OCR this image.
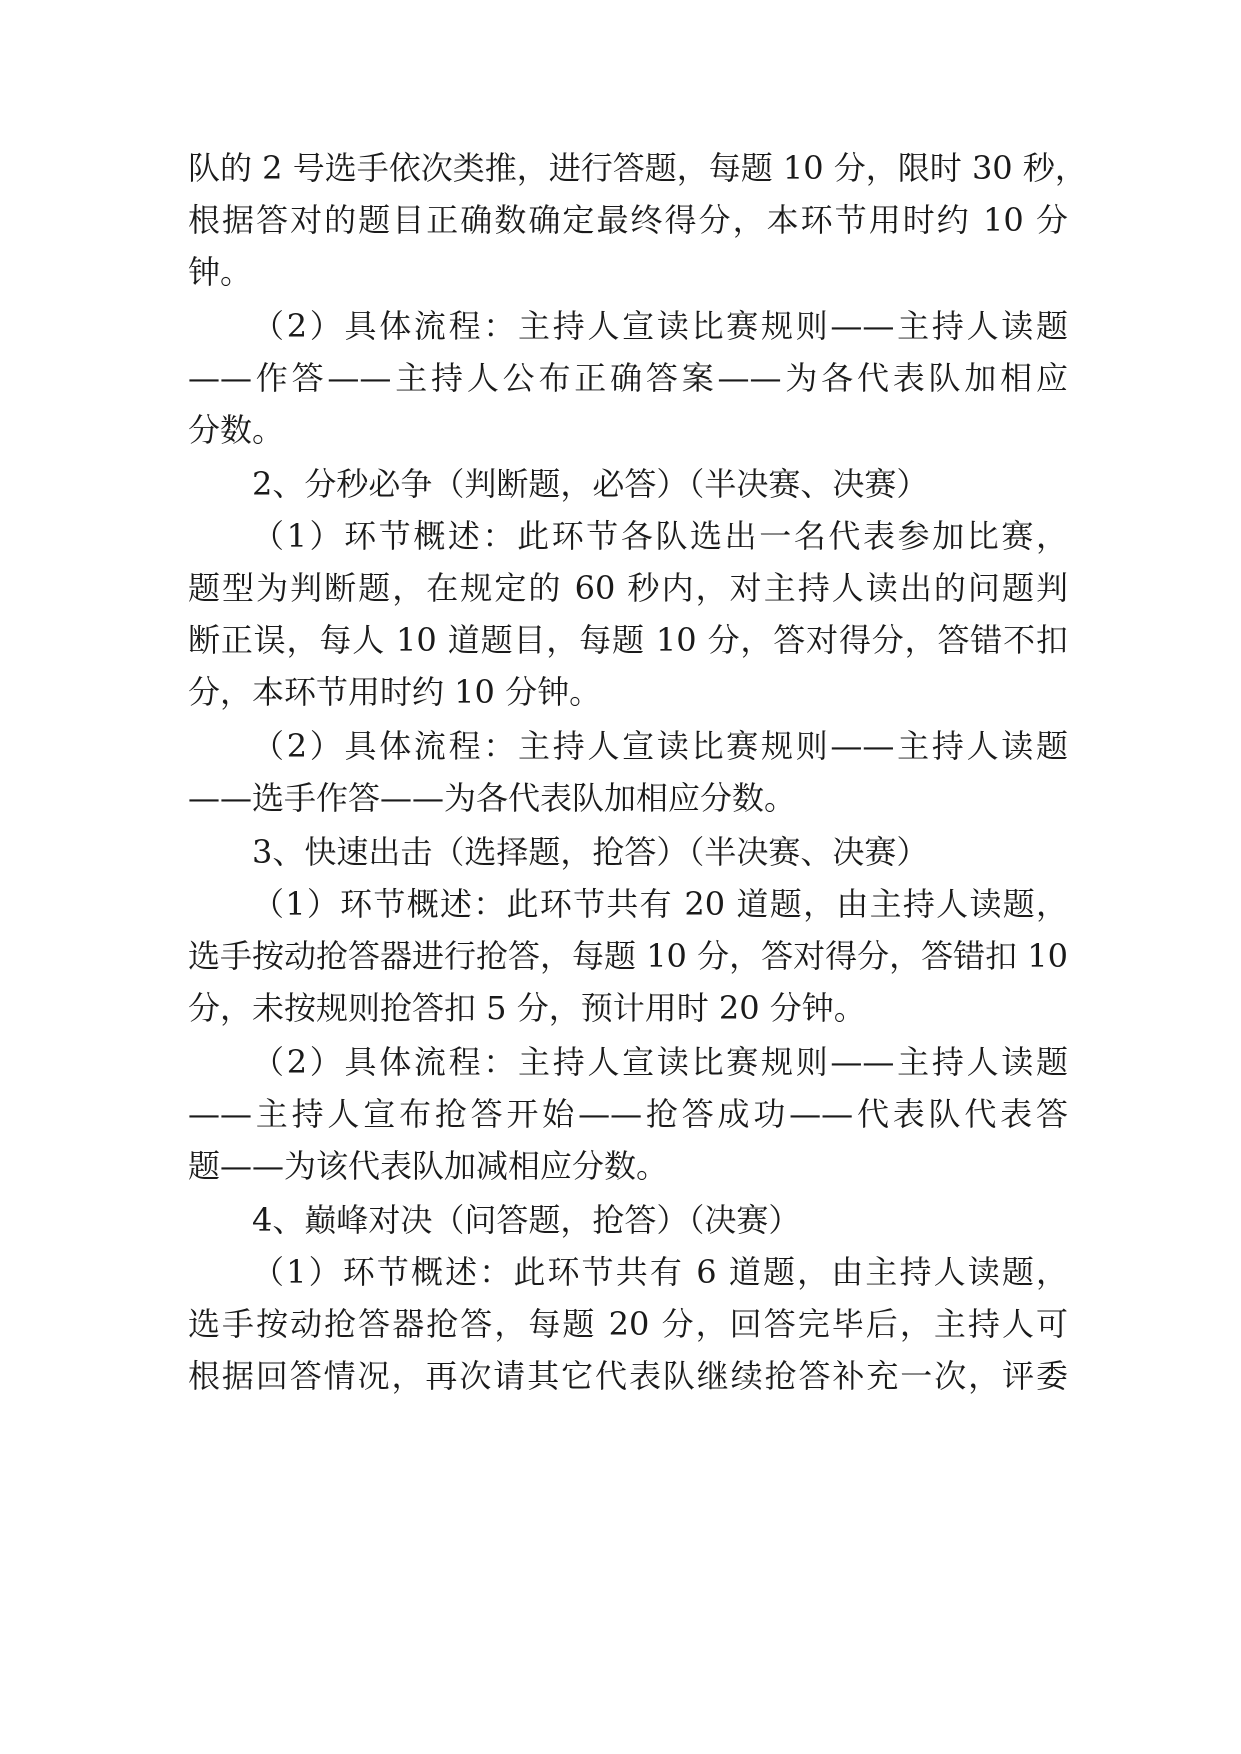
队的 2 号选手依次类推，进行答题，每题 10 分，限时 30 秒，

根据答对的题目正确数确定最终得分，本环节用时约 10 分

钟。

（2）具体流程：主持人宣读比赛规则——主持人读题

——作答——主持人公布正确答案——为各代表队加相应

分数。

2、分秒必争（判断题，必答）（半决赛、决赛）

（1）环节概述：此环节各队选出一名代表参加比赛，

题型为判断题，在规定的 60 秒内，对主持人读出的问题判

断正误，每人 10 道题目，每题 10 分，答对得分，答错不扣

分，本环节用时约 10 分钟。

（2）具体流程：主持人宣读比赛规则——主持人读题

——选手作答——为各代表队加相应分数。

3、快速出击（选择题，抢答）（半决赛、决赛）

（1）环节概述：此环节共有 20 道题，由主持人读题，

选手按动抢答器进行抢答，每题 10 分，答对得分，答错扣 10

分，未按规则抢答扣 5 分，预计用时 20 分钟。

（2）具体流程：主持人宣读比赛规则——主持人读题

——主持人宣布抢答开始——抢答成功——代表队代表答

题——为该代表队加减相应分数。

4、巅峰对决（问答题，抢答）（决赛）

（1）环节概述：此环节共有 6 道题，由主持人读题，

选手按动抢答器抢答，每题 20 分，回答完毕后，主持人可

根据回答情况，再次请其它代表队继续抢答补充一次，评委
